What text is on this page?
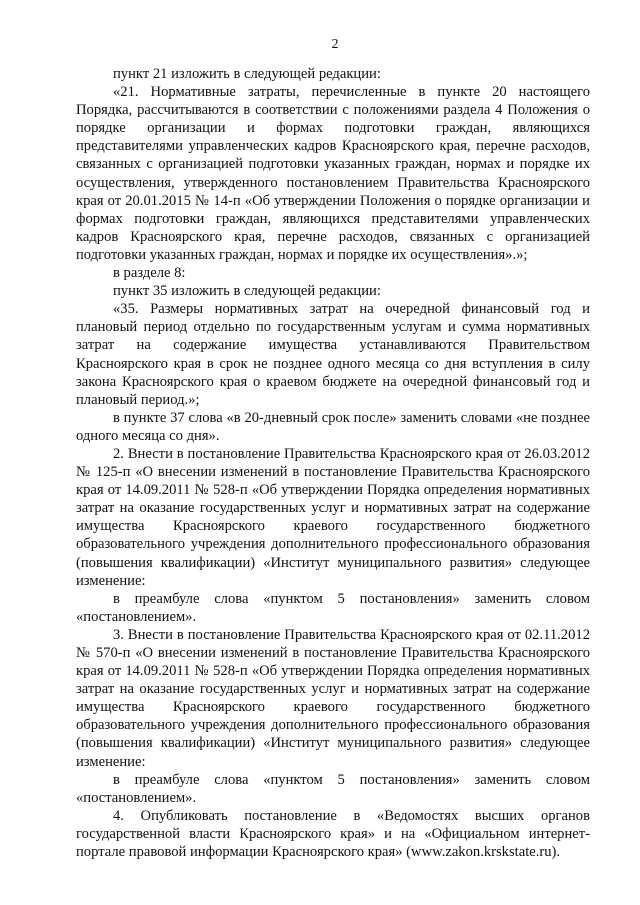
2

пункт 21 изложить в следующей редакции:

«21. Нормативные затраты, перечисленные в пункте 20 настоящего Порядка, рассчитываются в соответствии с положениями раздела 4 Положения о порядке организации и формах подготовки граждан, являющихся представителями управленческих кадров Красноярского края, перечне расходов, связанных с организацией подготовки указанных граждан, нормах и порядке их осуществления, утвержденного постановлением Правительства Красноярского края от 20.01.2015 № 14-п «Об утверждении Положения о порядке организации и формах подготовки граждан, являющихся представителями управленческих кадров Красноярского края, перечне расходов, связанных с организацией подготовки указанных граждан, нормах и порядке их осуществления».»;

в разделе 8:

пункт 35 изложить в следующей редакции:

«35. Размеры нормативных затрат на очередной финансовый год и плановый период отдельно по государственным услугам и сумма нормативных затрат на содержание имущества устанавливаются Правительством Красноярского края в срок не позднее одного месяца со дня вступления в силу закона Красноярского края о краевом бюджете на очередной финансовый год и плановый период.»;

в пункте 37 слова «в 20-дневный срок после» заменить словами «не позднее одного месяца со дня».

2. Внести в постановление Правительства Красноярского края от 26.03.2012 № 125-п «О внесении изменений в постановление Правительства Красноярского края от 14.09.2011 № 528-п «Об утверждении Порядка определения нормативных затрат на оказание государственных услуг и нормативных затрат на содержание имущества Красноярского краевого государственного бюджетного образовательного учреждения дополнительного профессионального образования (повышения квалификации) «Институт муниципального развития» следующее изменение:

в преамбуле слова «пунктом 5 постановления» заменить словом «постановлением».

3. Внести в постановление Правительства Красноярского края от 02.11.2012 № 570-п «О внесении изменений в постановление Правительства Красноярского края от 14.09.2011 № 528-п «Об утверждении Порядка определения нормативных затрат на оказание государственных услуг и нормативных затрат на содержание имущества Красноярского краевого государственного бюджетного образовательного учреждения дополнительного профессионального образования (повышения квалификации) «Институт муниципального развития» следующее изменение:

в преамбуле слова «пунктом 5 постановления» заменить словом «постановлением».

4. Опубликовать постановление в «Ведомостях высших органов государственной власти Красноярского края» и на «Официальном интернет-портале правовой информации Красноярского края» (www.zakon.krskstate.ru).
